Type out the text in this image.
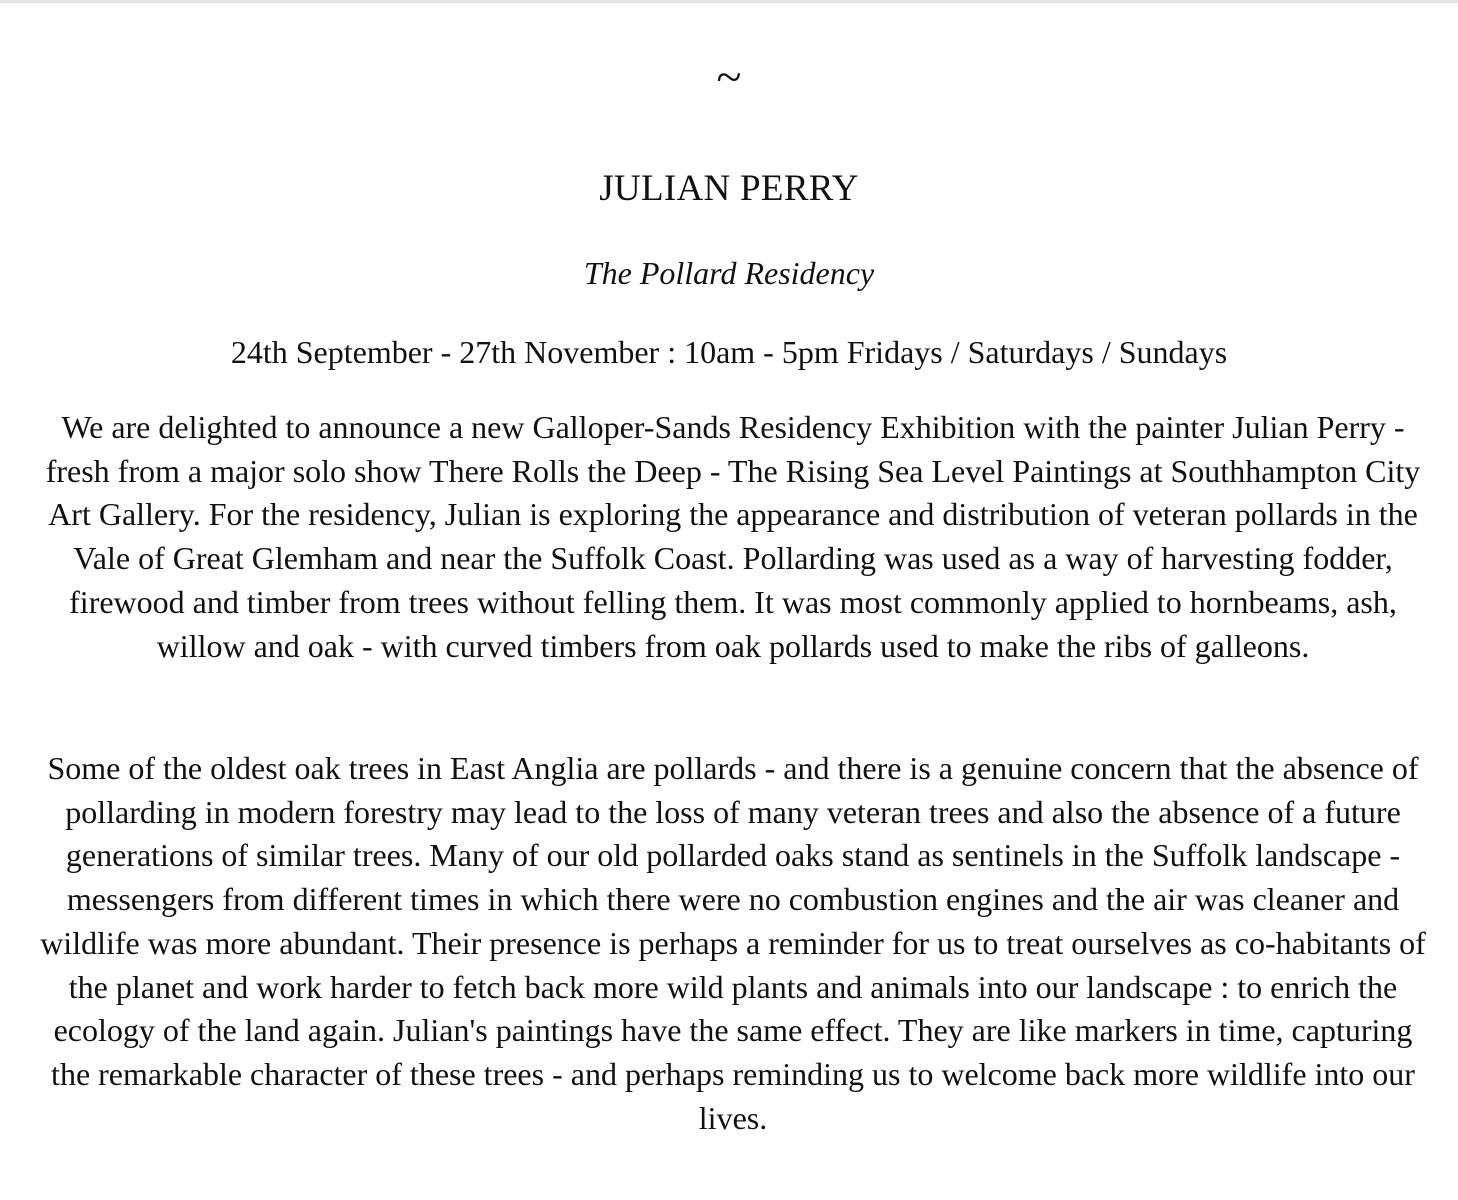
~
JULIAN PERRY

The Pollard Residency

24th September - 27th November : 10am - 5pm Fridays / Saturdays / Sundays

We are delighted to announce a new Galloper-Sands Residency Exhibition with the painter Julian Perry - fresh from a major solo show There Rolls the Deep - The Rising Sea Level Paintings at Southhampton City Art Gallery. For the residency, Julian is exploring the appearance and distribution of veteran pollards in the Vale of Great Glemham and near the Suffolk Coast. Pollarding was used as a way of harvesting fodder, firewood and timber from trees without felling them. It was most commonly applied to hornbeams, ash, willow and oak - with curved timbers from oak pollards used to make the ribs of galleons.

Some of the oldest oak trees in East Anglia are pollards - and there is a genuine concern that the absence of pollarding in modern forestry may lead to the loss of many veteran trees and also the absence of a future generations of similar trees. Many of our old pollarded oaks stand as sentinels in the Suffolk landscape - messengers from different times in which there were no combustion engines and the air was cleaner and wildlife was more abundant. Their presence is perhaps a reminder for us to treat ourselves as co-habitants of the planet and work harder to fetch back more wild plants and animals into our landscape : to enrich the ecology of the land again. Julian's paintings have the same effect. They are like markers in time, capturing the remarkable character of these trees - and perhaps reminding us to welcome back more wildlife into our lives.
